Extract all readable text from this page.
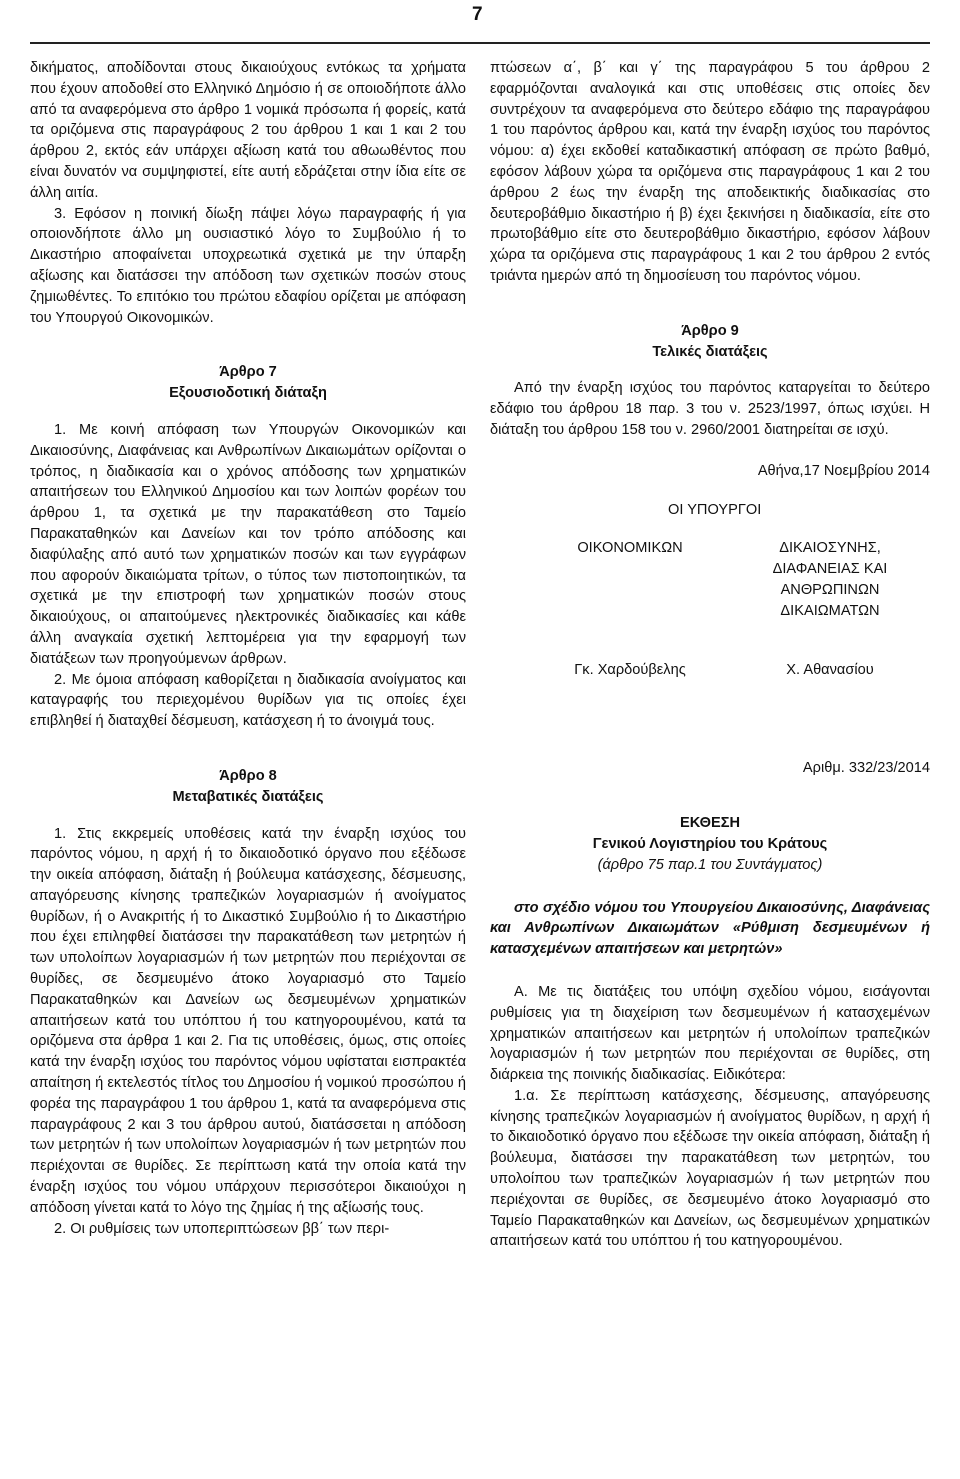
7

δικήματος, αποδίδονται στους δικαιούχους εντόκως τα χρήματα που έχουν αποδοθεί στο Ελληνικό Δημόσιο ή σε οποιοδήποτε άλλο από τα αναφερόμενα στο άρθρο 1 νομικά πρόσωπα ή φορείς, κατά τα οριζόμενα στις παραγράφους 2 του άρθρου 1 και 1 και 2 του άρθρου 2, εκτός εάν υπάρχει αξίωση κατά του αθωωθέντος που είναι δυνατόν να συμψηφιστεί, είτε αυτή εδράζεται στην ίδια είτε σε άλλη αιτία.

3. Εφόσον η ποινική δίωξη πάψει λόγω παραγραφής ή για οποιονδήποτε άλλο μη ουσιαστικό λόγο το Συμβούλιο ή το Δικαστήριο αποφαίνεται υποχρεωτικά σχετικά με την ύπαρξη αξίωσης και διατάσσει την απόδοση των σχετικών ποσών στους ζημιωθέντες. Το επιτόκιο του πρώτου εδαφίου ορίζεται με απόφαση του Υπουργού Οικονομικών.

Άρθρο 7

Εξουσιοδοτική διάταξη

1. Με κοινή απόφαση των Υπουργών Οικονομικών και Δικαιοσύνης, Διαφάνειας και Ανθρωπίνων Δικαιωμάτων ορίζονται ο τρόπος, η διαδικασία και ο χρόνος απόδοσης των χρηματικών απαιτήσεων του Ελληνικού Δημοσίου και των λοιπών φορέων του άρθρου 1, τα σχετικά με την παρακατάθεση στο Ταμείο Παρακαταθηκών και Δανείων και τον τρόπο απόδοσης και διαφύλαξης από αυτό των χρηματικών ποσών και των εγγράφων που αφορούν δικαιώματα τρίτων, ο τύπος των πιστοποιητικών, τα σχετικά με την επιστροφή των χρηματικών ποσών στους δικαιούχους, οι απαιτούμενες ηλεκτρονικές διαδικασίες και κάθε άλλη αναγκαία σχετική λεπτομέρεια για την εφαρμογή των διατάξεων των προηγούμενων άρθρων.

2. Με όμοια απόφαση καθορίζεται η διαδικασία ανοίγματος και καταγραφής του περιεχομένου θυρίδων για τις οποίες έχει επιβληθεί ή διαταχθεί δέσμευση, κατάσχεση ή το άνοιγμά τους.

Άρθρο 8

Μεταβατικές διατάξεις

1. Στις εκκρεμείς υποθέσεις κατά την έναρξη ισχύος του παρόντος νόμου, η αρχή ή το δικαιοδοτικό όργανο που εξέδωσε την οικεία απόφαση, διάταξη ή βούλευμα κατάσχεσης, δέσμευσης, απαγόρευσης κίνησης τραπεζικών λογαριασμών ή ανοίγματος θυρίδων, ή ο Ανακριτής ή το Δικαστικό Συμβούλιο ή το Δικαστήριο που έχει επιληφθεί διατάσσει την παρακατάθεση των μετρητών ή των υπολοίπων λογαριασμών ή των μετρητών που περιέχονται σε θυρίδες, σε δεσμευμένο άτοκο λογαριασμό στο Ταμείο Παρακαταθηκών και Δανείων ως δεσμευμένων χρηματικών απαιτήσεων κατά του υπόπτου ή του κατηγορουμένου, κατά τα οριζόμενα στα άρθρα 1 και 2. Για τις υποθέσεις, όμως, στις οποίες κατά την έναρξη ισχύος του παρόντος νόμου υφίσταται εισπρακτέα απαίτηση ή εκτελεστός τίτλος του Δημοσίου ή νομικού προσώπου ή φορέα της παραγράφου 1 του άρθρου 1, κατά τα αναφερόμενα στις παραγράφους 2 και 3 του άρθρου αυτού, διατάσσεται η απόδοση των μετρητών ή των υπολοίπων λογαριασμών ή των μετρητών που περιέχονται σε θυρίδες. Σε περίπτωση κατά την οποία κατά την έναρξη ισχύος του νόμου υπάρχουν περισσότεροι δικαιούχοι η απόδοση γίνεται κατά το λόγο της ζημίας ή της αξίωσής τους.

2. Οι ρυθμίσεις των υποπεριπτώσεων ββ΄ των περι-

πτώσεων α΄, β΄ και γ΄ της παραγράφου 5 του άρθρου 2 εφαρμόζονται αναλογικά και στις υποθέσεις στις οποίες δεν συντρέχουν τα αναφερόμενα στο δεύτερο εδάφιο της παραγράφου 1 του παρόντος άρθρου και, κατά την έναρξη ισχύος του παρόντος νόμου: α) έχει εκδοθεί καταδικαστική απόφαση σε πρώτο βαθμό, εφόσον λάβουν χώρα τα οριζόμενα στις παραγράφους 1 και 2 του άρθρου 2 έως την έναρξη της αποδεικτικής διαδικασίας στο δευτεροβάθμιο δικαστήριο ή β) έχει ξεκινήσει η διαδικασία, είτε στο πρωτοβάθμιο είτε στο δευτεροβάθμιο δικαστήριο, εφόσον λάβουν χώρα τα οριζόμενα στις παραγράφους 1 και 2 του άρθρου 2 εντός τριάντα ημερών από τη δημοσίευση του παρόντος νόμου.

Άρθρο 9

Τελικές διατάξεις

Από την έναρξη ισχύος του παρόντος καταργείται το δεύτερο εδάφιο του άρθρου 18 παρ. 3 του ν. 2523/1997, όπως ισχύει. Η διάταξη του άρθρου 158 του ν. 2960/2001 διατηρείται σε ισχύ.

Αθήνα,17 Νοεμβρίου 2014

ΟΙ ΥΠΟΥΡΓΟΙ

ΟΙΚΟΝΟΜΙΚΩΝ	ΔΙΚΑΙΟΣΥΝΗΣ,
ΔΙΑΦΑΝΕΙΑΣ ΚΑΙ
ΑΝΘΡΩΠΙΝΩΝ
ΔΙΚΑΙΩΜΑΤΩΝ
Γκ. Χαρδούβελης	Χ. Αθανασίου

Αριθμ. 332/23/2014

ΕΚΘΕΣΗ

Γενικού Λογιστηρίου του Κράτους

(άρθρο 75 παρ.1 του Συντάγματος)

στο σχέδιο νόμου του Υπουργείου Δικαιοσύνης, Διαφάνειας και Ανθρωπίνων Δικαιωμάτων «Ρύθμιση δεσμευμένων ή κατασχεμένων απαιτήσεων και μετρητών»

Α. Με τις διατάξεις του υπόψη σχεδίου νόμου, εισάγονται ρυθμίσεις για τη διαχείριση των δεσμευμένων ή κατασχεμένων χρηματικών απαιτήσεων και μετρητών ή υπολοίπων τραπεζικών λογαριασμών ή των μετρητών που περιέχονται σε θυρίδες, στη διάρκεια της ποινικής διαδικασίας. Ειδικότερα:

1.α. Σε περίπτωση κατάσχεσης, δέσμευσης, απαγόρευσης κίνησης τραπεζικών λογαριασμών ή ανοίγματος θυρίδων, η αρχή ή το δικαιοδοτικό όργανο που εξέδωσε την οικεία απόφαση, διάταξη ή βούλευμα, διατάσσει την παρακατάθεση των μετρητών, του υπολοίπου των τραπεζικών λογαριασμών ή των μετρητών που περιέχονται σε θυρίδες, σε δεσμευμένο άτοκο λογαριασμό στο Ταμείο Παρακαταθηκών και Δανείων, ως δεσμευμένων χρηματικών απαιτήσεων κατά του υπόπτου ή του κατηγορουμένου.
